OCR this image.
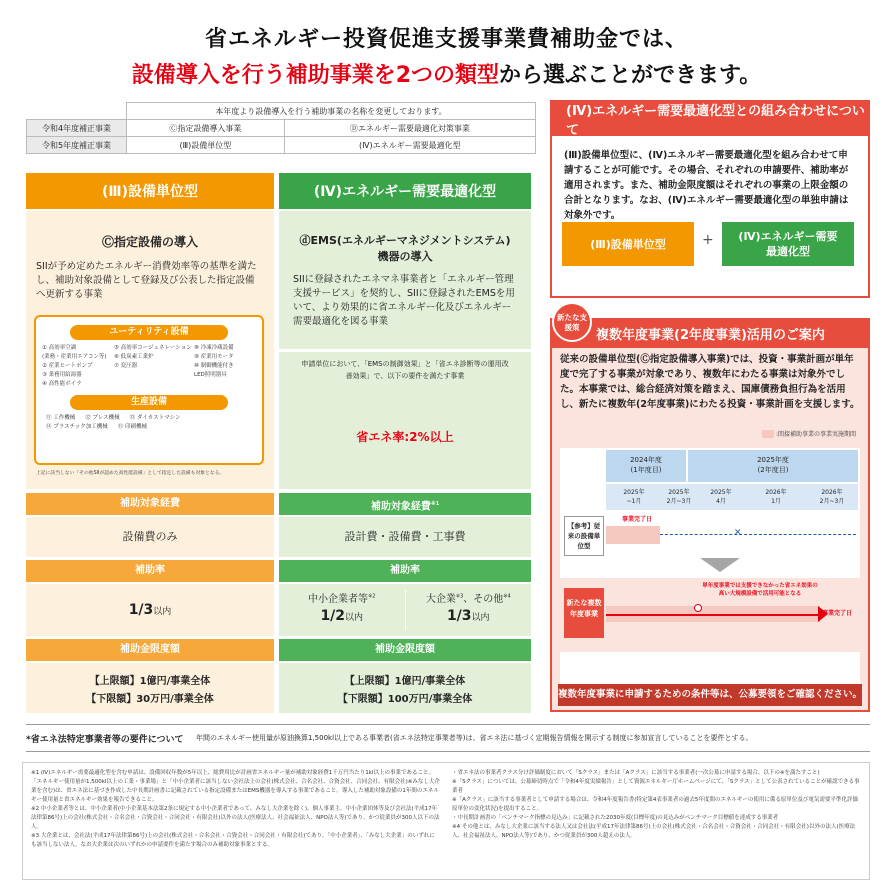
省エネルギー投資促進支援事業費補助金では、
設備導入を行う補助事業を2つの類型から選ぶことができます。
	本年度より設備導入を行う補助事業の名称を変更しております。	
令和4年度補正事業	Ⓒ指定設備導入事業	Ⓓエネルギー需要最適化対策事業
令和5年度補正事業	(Ⅲ)設備単位型	(Ⅳ)エネルギー需要最適化型
(Ⅲ)設備単位型
Ⓒ指定設備の導入
SIIが予め定めたエネルギー消費効率等の基準を満たし、補助対象設備として登録及び公表した指定設備へ更新する事業
ユーティリティ設備
① 高効率空調
(業務・産業用エアコン等)
② 産業ヒートポンプ
③ 業務用給湯器
④ 高性能ボイラ
⑤ 高効率コージェネレーション
⑥ 低炭素工業炉
⑦ 変圧器
⑧ 冷凍冷蔵設備
⑨ 産業用モータ
⑩ 制御機能付き
LED照明器具
生産設備
⑪ 工作機械 ⑫ プレス機械 ⑬ ダイカストマシン
⑭ プラスチック加工機械 ⑮ 印刷機械
上記に該当しない「その他SIIが認めた高性能設備」として指定した設備も対象となる。
補助対象経費
設備費のみ
補助率
1/3以内
補助金限度額
【上限額】1億円/事業全体
【下限額】30万円/事業全体
(Ⅳ)エネルギー需要最適化型
ⓓEMS(エネルギーマネジメントシステム)機器の導入
SIIに登録されたエネマネ事業者と「エネルギー管理支援サービス」を契約し、SIIに登録されたEMSを用いて、より効果的に省エネルギー化及びエネルギー需要最適化を図る事業
申請単位において、「EMSの制御効果」と「省エネ診断等の運用改善効果」で、以下の要件を満たす事業
省エネ率:2%以上
補助対象経費$^{※1}$
設計費・設備費・工事費
補助率
中小企業者等$^{※2}$
1/2以内
大企業$^{※3}$、その他$^{※4}$
1/3以内
補助金限度額
【上限額】1億円/事業全体
【下限額】100万円/事業全体
(Ⅳ)エネルギー需要最適化型との組み合わせについて
(Ⅲ)設備単位型に、(Ⅳ)エネルギー需要最適化型を組み合わせて申請することが可能です。その場合、それぞれの申請要件、補助率が適用されます。また、補助金限度額はそれぞれの事業の上限金額の合計となります。なお、(Ⅳ)エネルギー需要最適化型の単独申請は対象外です。
(Ⅲ)設備単位型	+	(Ⅳ)エネルギー需要最適化型
複数年度事業(2年度事業)活用のご案内
新たな支援策
従来の設備単位型(Ⓒ指定設備導入事業)では、投資・事業計画が単年度で完了する事業が対象であり、複数年にわたる事業は対象外でした。本事業では、総合経済対策を踏まえ、国庫債務負担行為を活用し、新たに複数年(2年度事業)にわたる投資・事業計画を支援します。
:間接補助事業の事業実施期間
2024年度
(1年度目)
2025年度
(2年度目)
2025年
~1月
2025年
2月~3月
2025年
4月
2026年
1月
2026年
2月~3月
【参考】従来の設備単位型
✕
事業完了日
新たな複数年度事業
単年度事業では支援できなかった省エネ効果の高い大規模設備で活用可能となる
事業完了日
複数年度事業に申請するための条件等は、公募要領をご確認ください。
*省エネ法特定事業者等の要件について	年間のエネルギー使用量が原油換算1,500kl以上である事業者(省エネ法特定事業者等)は、省エネ法に基づく定期報告情報を開示する制度に参加宣言していることを要件とする。
※1 (Ⅳ)エネルギー需要最適化型を含む申請は、設備回収年数が5年以上、総費用比が計画省エネルギー量が補助対象経費1千万円当たり1kl以上の事業であること。
「エネルギー使用量が1,500kl以上の工業・事業場」と「中小企業者に該当しない会社法上の会社(株式会社、合名会社、合資会社、合同会社、有限会社)※みなし大企業を含む)は、省エネ法に基づき作成した中長期計画書に記載されている指定設備またはEMS機器を導入する事業であること。導入した補助対象設備の1年間のエネルギー使用量と省エネルギー効果を報告できること。
※2 中小企業者等とは、中小企業者(中小企業基本法第2条に規定する中小企業者であって、みなし大企業を除く)、個人事業主、中小企業団体等及び会社法(平成17年法律第86号)上の会社(株式会社・合名会社・合資会社・合同会社・有限会社)以外の法人(医療法人、社会福祉法人、NPO法人等)であり、かつ従業員が300人以下の法人。
※3 大企業とは、会社法(平成17年法律第86号)上の会社(株式会社・合名会社・合資会社・合同会社・有限会社)であり、「中小企業者」、「みなし大企業」のいずれにも該当しない法人。なお大企業は次のいずれかの申請要件を満たす場合のみ補助対象事業とする。
・省エネ法の事業者クラス分け評価制度において「Sクラス」または「Aクラス」に該当する事業者(一次公募に申請する場合、以下の※を満たすこと)
※「Sクラス」については、公募締切時点で「令和4年度実績報告」として資源エネルギー庁ホームページにて、「Sクラス」として公表されていることが確認できる事業者
※「Aクラス」に該当する事業者として申請する場合は、令和4年度報告書(特定第4表事業者の過去5年度間のエネルギーの使用に係る原単位及び電気需要平準化評価原単位の変化状況)を提出すること。
・中長期計画書の「ベンチマーク指標の見込み」に記載された2030年度(目標年度)の見込みがベンチマーク目標値を達成する事業者
※4 その他とは、みなし大企業に該当する法人又は会社法(平成17年法律第86号)上の会社(株式会社・合名会社・合資会社・合同会社・有限会社)以外の法人(医療法人、社会福祉法人、NPO法人等)であり、かつ従業員が300人超えの法人。
